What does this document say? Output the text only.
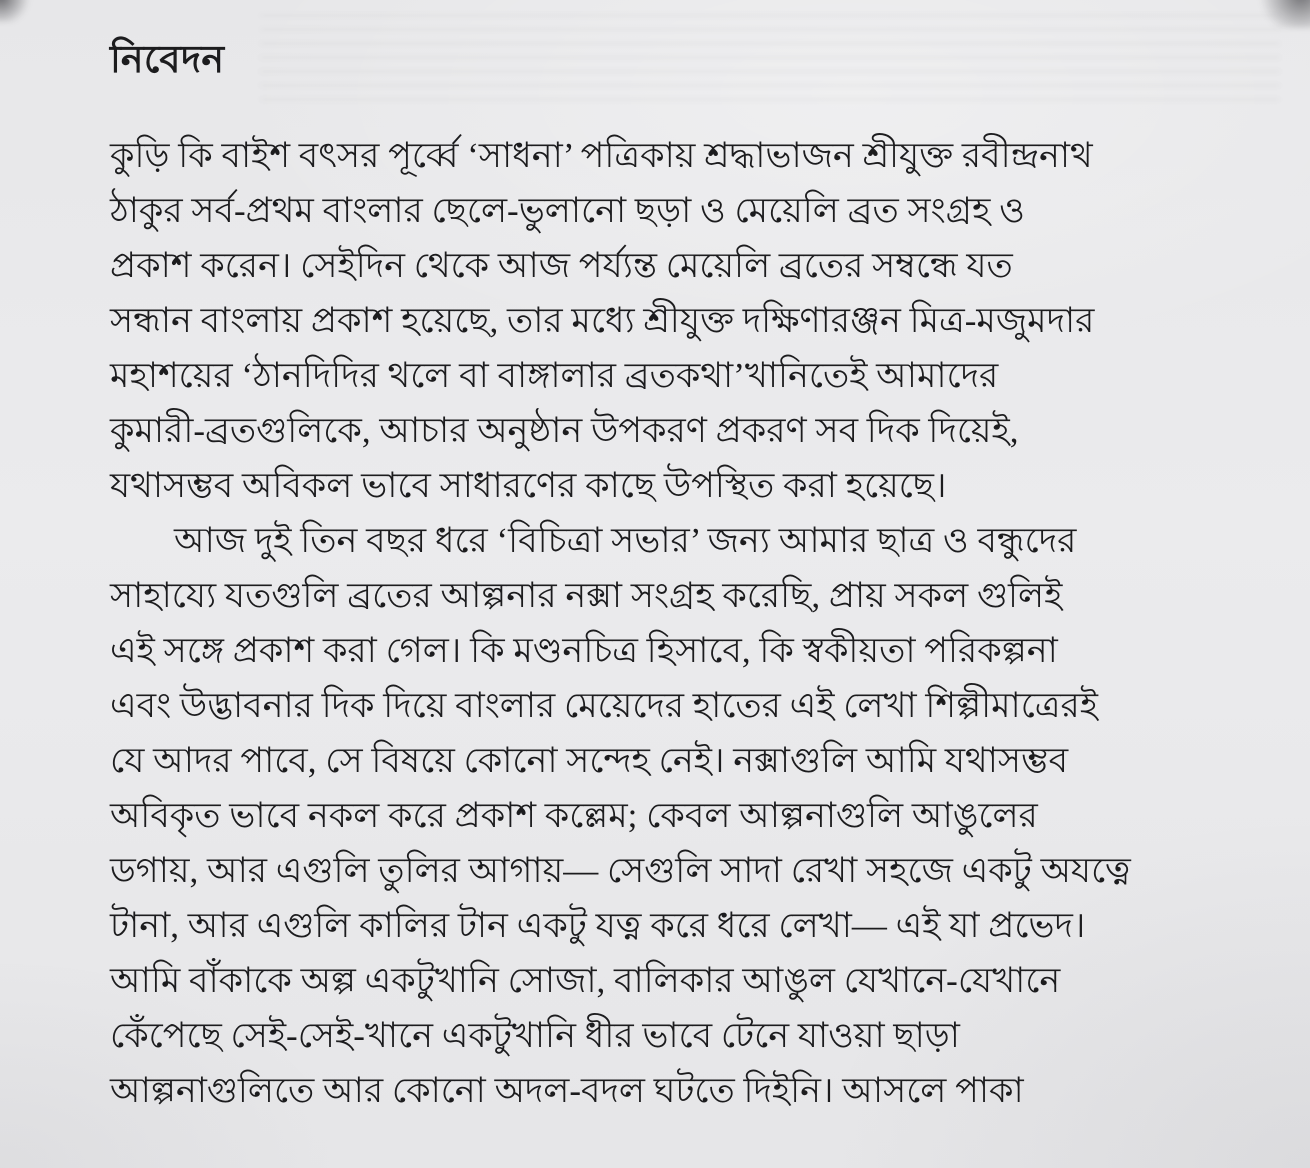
নিবেদন
কুড়ি কি বাইশ বৎসর পূর্ব্বে ‘সাধনা’ পত্রিকায় শ্রদ্ধাভাজন শ্রীযুক্ত রবীন্দ্রনাথ
ঠাকুর সর্ব-প্রথম বাংলার ছেলে-ভুলানো ছড়া ও মেয়েলি ব্রত সংগ্রহ ও
প্রকাশ করেন। সেইদিন থেকে আজ পর্য্যন্ত মেয়েলি ব্রতের সম্বন্ধে যত
সন্ধান বাংলায় প্রকাশ হয়েছে, তার মধ্যে শ্রীযুক্ত দক্ষিণারঞ্জন মিত্র-মজুমদার
মহাশয়ের ‘ঠানদিদির থলে বা বাঙ্গালার ব্রতকথা’খানিতেই আমাদের
কুমারী-ব্রতগুলিকে, আচার অনুষ্ঠান উপকরণ প্রকরণ সব দিক দিয়েই,
যথাসম্ভব অবিকল ভাবে সাধারণের কাছে উপস্থিত করা হয়েছে।
আজ দুই তিন বছর ধরে ‘বিচিত্রা সভার’ জন্য আমার ছাত্র ও বন্ধুদের
সাহায্যে যতগুলি ব্রতের আল্পনার নক্সা সংগ্রহ করেছি, প্রায় সকল গুলিই
এই সঙ্গে প্রকাশ করা গেল। কি মণ্ডনচিত্র হিসাবে, কি স্বকীয়তা পরিকল্পনা
এবং উদ্ভাবনার দিক দিয়ে বাংলার মেয়েদের হাতের এই লেখা শিল্পীমাত্রেরই
যে আদর পাবে, সে বিষয়ে কোনো সন্দেহ নেই। নক্সাগুলি আমি যথাসম্ভব
অবিকৃত ভাবে নকল করে প্রকাশ কল্লেম; কেবল আল্পনাগুলি আঙুলের
ডগায়, আর এগুলি তুলির আগায়— সেগুলি সাদা রেখা সহজে একটু অযত্নে
টানা, আর এগুলি কালির টান একটু যত্ন করে ধরে লেখা— এই যা প্রভেদ।
আমি বাঁকাকে অল্প একটুখানি সোজা, বালিকার আঙুল যেখানে-যেখানে
কেঁপেছে সেই-সেই-খানে একটুখানি ধীর ভাবে টেনে যাওয়া ছাড়া
আল্পনাগুলিতে আর কোনো অদল-বদল ঘটতে দিইনি। আসলে পাকা
